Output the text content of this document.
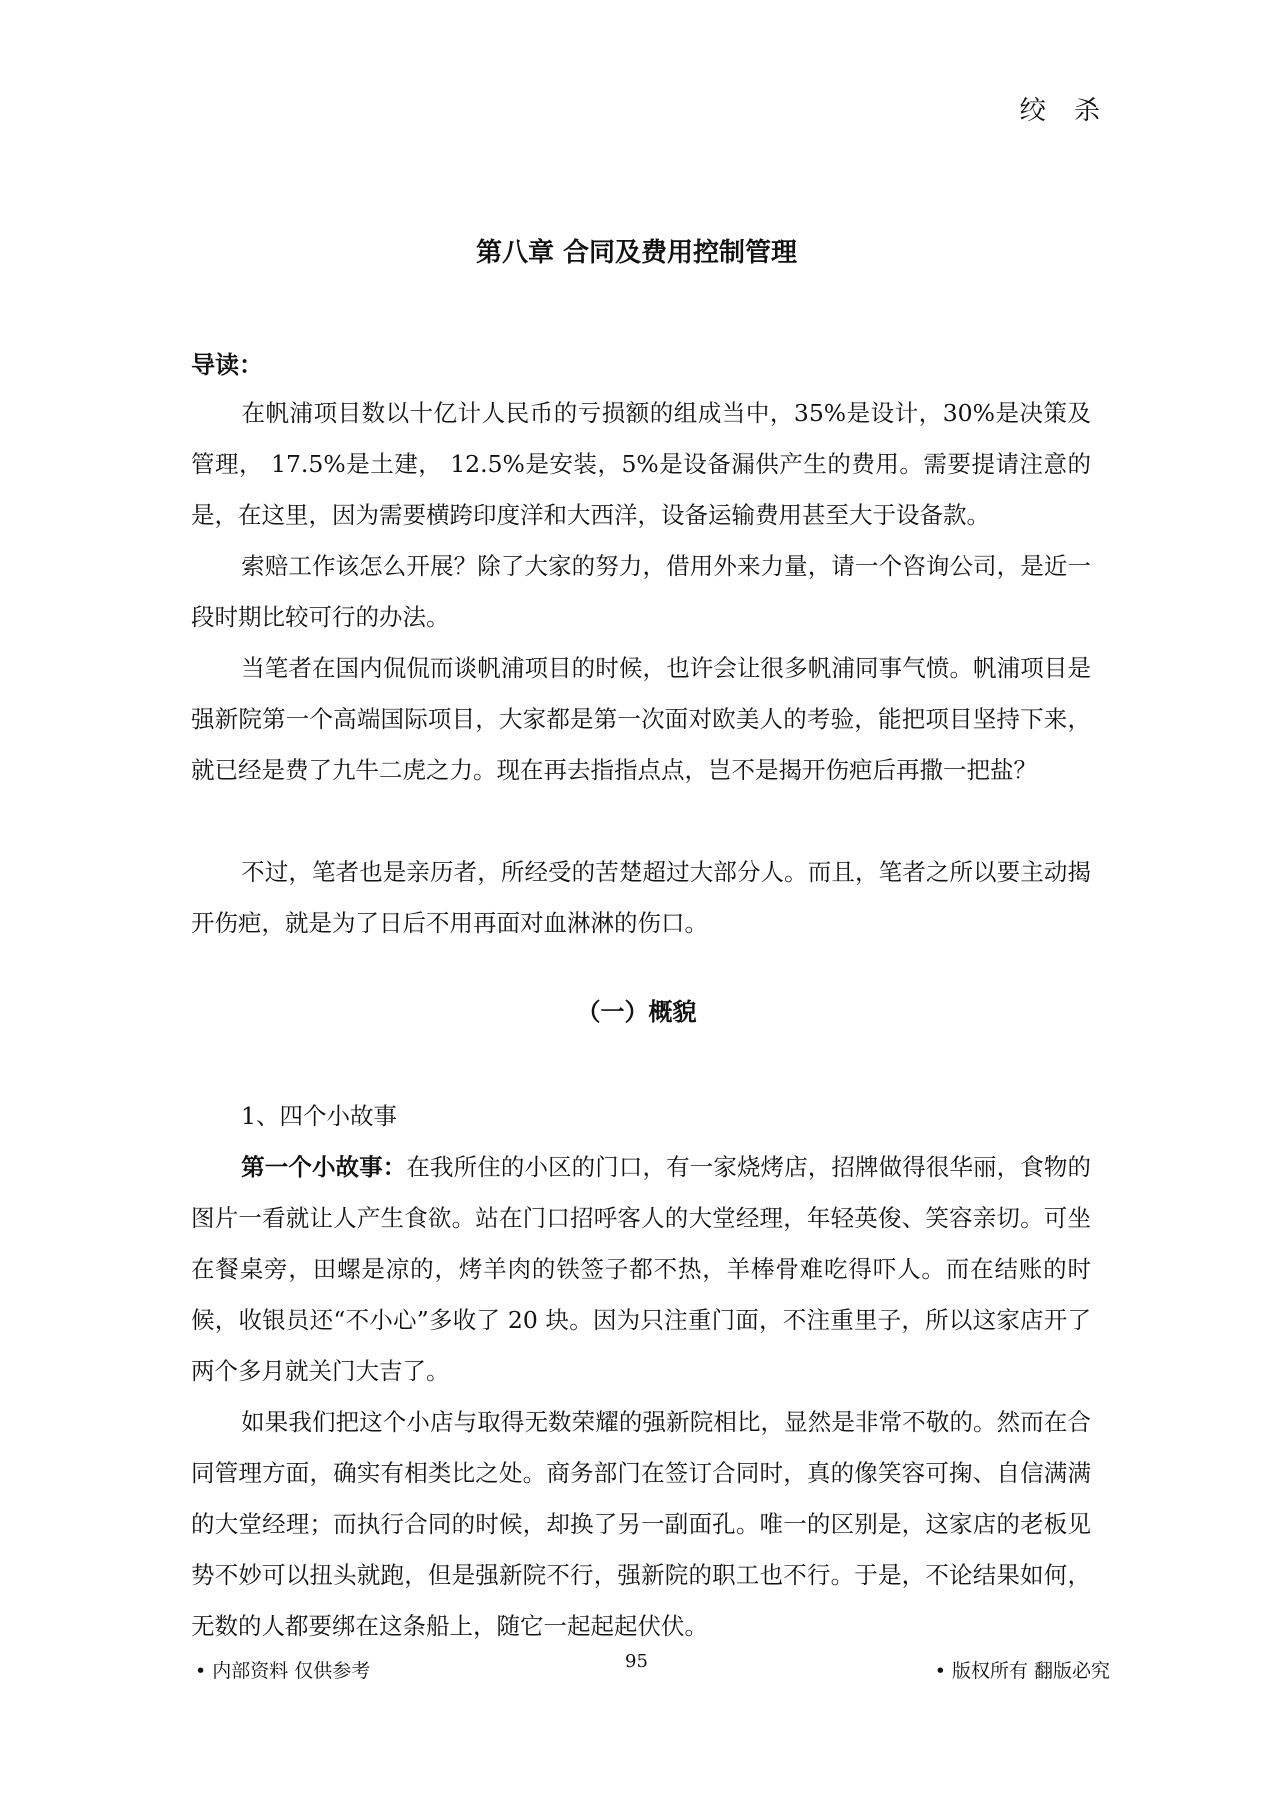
绞 杀
第八章 合同及费用控制管理
导读：

在帆浦项目数以十亿计人民币的亏损额的组成当中，35%是设计，30%是决策及管理， 17.5%是土建， 12.5%是安装，5%是设备漏供产生的费用。需要提请注意的是，在这里，因为需要横跨印度洋和大西洋，设备运输费用甚至大于设备款。

索赔工作该怎么开展？除了大家的努力，借用外来力量，请一个咨询公司，是近一段时期比较可行的办法。

当笔者在国内侃侃而谈帆浦项目的时候，也许会让很多帆浦同事气愤。帆浦项目是强新院第一个高端国际项目，大家都是第一次面对欧美人的考验，能把项目坚持下来，就已经是费了九牛二虎之力。现在再去指指点点，岂不是揭开伤疤后再撒一把盐？

不过，笔者也是亲历者，所经受的苦楚超过大部分人。而且，笔者之所以要主动揭开伤疤，就是为了日后不用再面对血淋淋的伤口。

（一）概貌

1、四个小故事

第一个小故事：在我所住的小区的门口，有一家烧烤店，招牌做得很华丽，食物的图片一看就让人产生食欲。站在门口招呼客人的大堂经理，年轻英俊、笑容亲切。可坐在餐桌旁，田螺是凉的，烤羊肉的铁签子都不热，羊棒骨难吃得吓人。而在结账的时候，收银员还“不小心”多收了 20 块。因为只注重门面，不注重里子，所以这家店开了两个多月就关门大吉了。

如果我们把这个小店与取得无数荣耀的强新院相比，显然是非常不敬的。然而在合同管理方面，确实有相类比之处。商务部门在签订合同时，真的像笑容可掬、自信满满的大堂经理；而执行合同的时候，却换了另一副面孔。唯一的区别是，这家店的老板见势不妙可以扭头就跑，但是强新院不行，强新院的职工也不行。于是，不论结果如何，无数的人都要绑在这条船上，随它一起起起伏伏。

• 内部资料 仅供参考	95	• 版权所有 翻版必究
